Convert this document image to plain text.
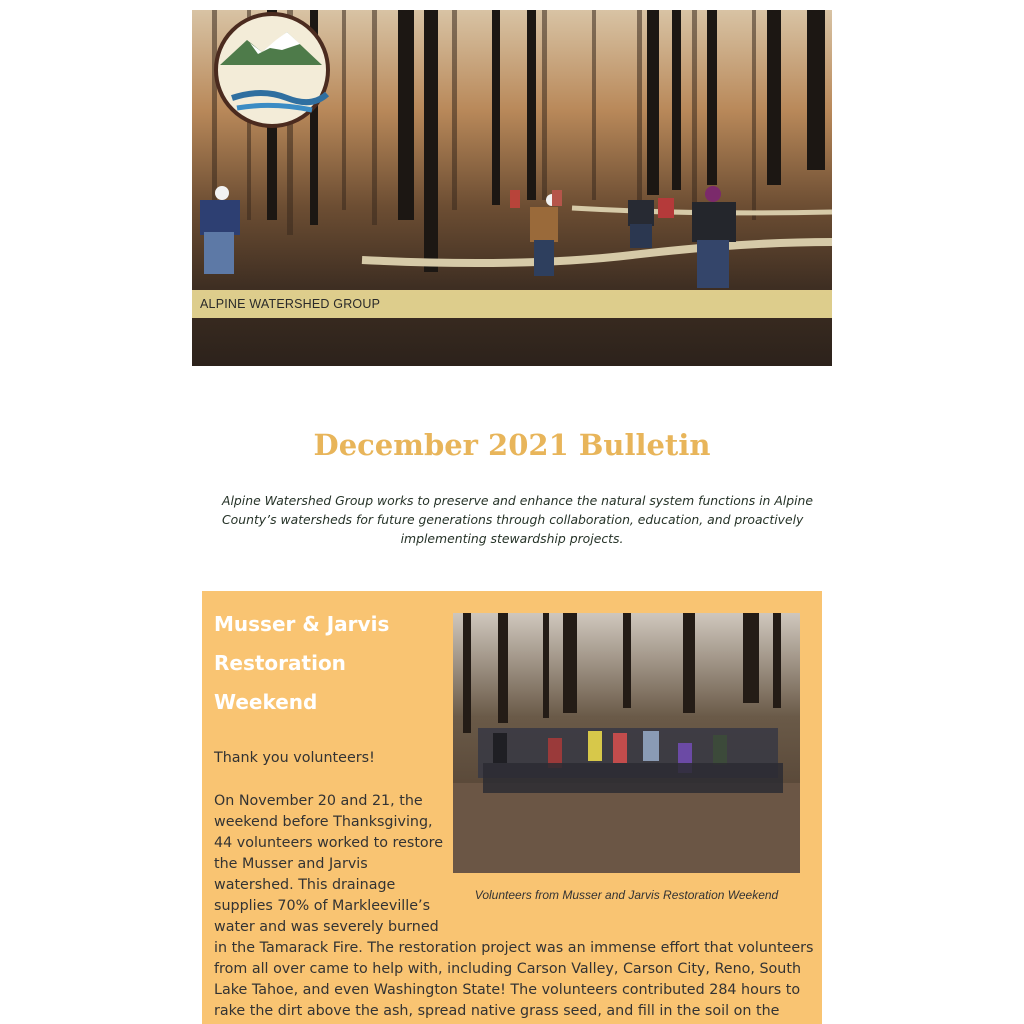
ALPINE WATERSHED GROUP
December 2021 Bulletin

Alpine Watershed Group works to preserve and enhance the natural system functions in Alpine
County’s watersheds for future generations through collaboration, education, and proactively
implementing stewardship projects.

Musser & Jarvis
Restoration
Weekend

Volunteers from Musser and Jarvis Restoration Weekend

Thank you volunteers!

On November 20 and 21, the
weekend before Thanksgiving,
44 volunteers worked to restore
the Musser and Jarvis
watershed. This drainage
supplies 70% of Markleeville’s
water and was severely burned

in the Tamarack Fire. The restoration project was an immense effort that volunteers
from all over came to help with, including Carson Valley, Carson City, Reno, South
Lake Tahoe, and even Washington State! The volunteers contributed 284 hours to
rake the dirt above the ash, spread native grass seed, and fill in the soil on the
